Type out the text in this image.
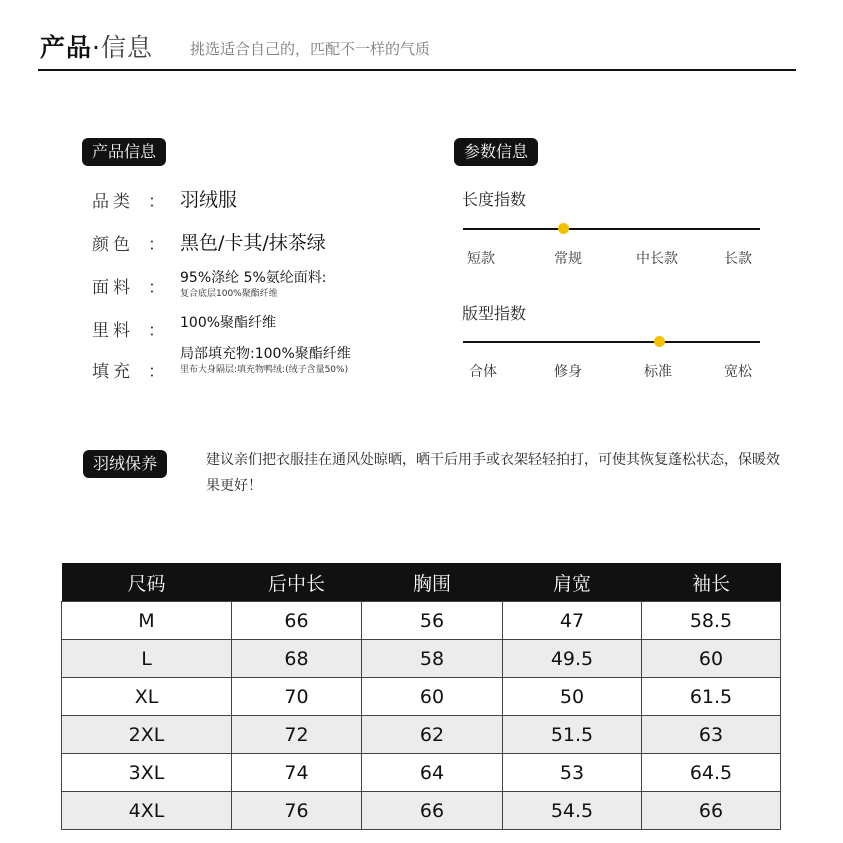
产品·信息 挑选适合自己的，匹配不一样的气质
产品信息
品类 ： 羽绒服
颜色 ： 黑色/卡其/抹茶绿
面料 ： 95%涤纶 5%氨纶面料:
复合底层100%聚酯纤维
里料 ： 100%聚酯纤维
填充 ：
局部填充物:100%聚酯纤维
里布大身隔层:填充物鸭绒:(绒子含量50%)
参数信息
长度指数
短款	常规	中长款	长款
版型指数
合体	修身	标准	宽松
羽绒保养	建议亲们把衣服挂在通风处晾晒，晒干后用手或衣架轻轻拍打，可使其恢复蓬松状态，保暖效果更好！
尺码	后中长	胸围	肩宽	袖长
M	66	56	47	58.5
L	68	58	49.5	60
XL	70	60	50	61.5
2XL	72	62	51.5	63
3XL	74	64	53	64.5
4XL	76	66	54.5	66
